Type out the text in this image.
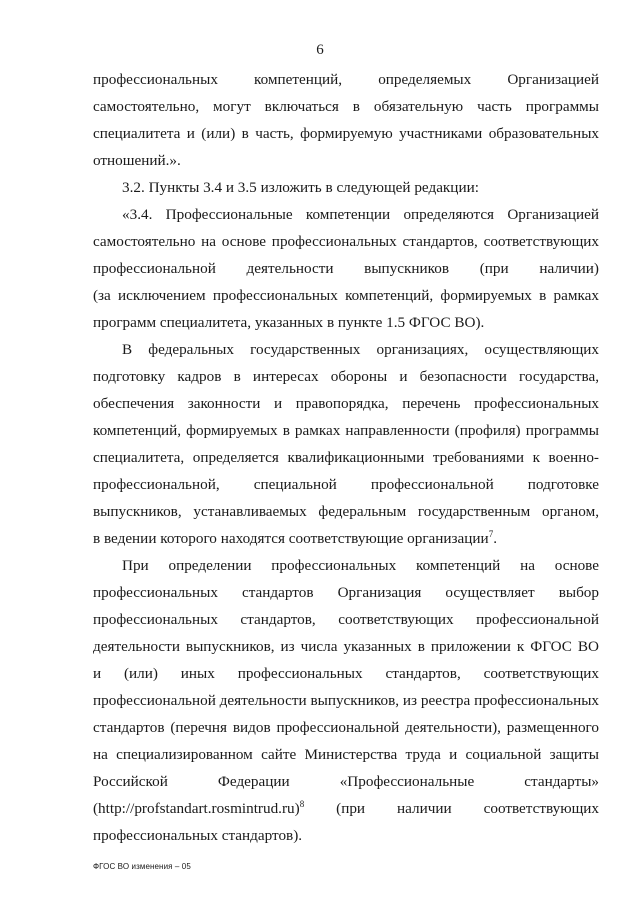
6
профессиональных компетенций, определяемых Организацией
самостоятельно, могут включаться в обязательную часть программы
специалитета и (или) в часть, формируемую участниками образовательных
отношений.».
3.2. Пункты 3.4 и 3.5 изложить в следующей редакции:
«3.4. Профессиональные компетенции определяются Организацией
самостоятельно на основе профессиональных стандартов, соответствующих
профессиональной деятельности выпускников (при наличии)
(за исключением профессиональных компетенций, формируемых в рамках
программ специалитета, указанных в пункте 1.5 ФГОС ВО).
В федеральных государственных организациях, осуществляющих
подготовку кадров в интересах обороны и безопасности государства,
обеспечения законности и правопорядка, перечень профессиональных
компетенций, формируемых в рамках направленности (профиля) программы
специалитета, определяется квалификационными требованиями к военно-
профессиональной, специальной профессиональной подготовке
выпускников, устанавливаемых федеральным государственным органом,
в ведении которого находятся соответствующие организации$^7$.
При определении профессиональных компетенций на основе
профессиональных стандартов Организация осуществляет выбор
профессиональных стандартов, соответствующих профессиональной
деятельности выпускников, из числа указанных в приложении к ФГОС ВО
и (или) иных профессиональных стандартов, соответствующих
профессиональной деятельности выпускников, из реестра профессиональных
стандартов (перечня видов профессиональной деятельности), размещенного
на специализированном сайте Министерства труда и социальной защиты
Российской Федерации «Профессиональные стандарты»
(http://profstandart.rosmintrud.ru)$^8$ (при наличии соответствующих
профессиональных стандартов).
ФГОС ВО изменения – 05
